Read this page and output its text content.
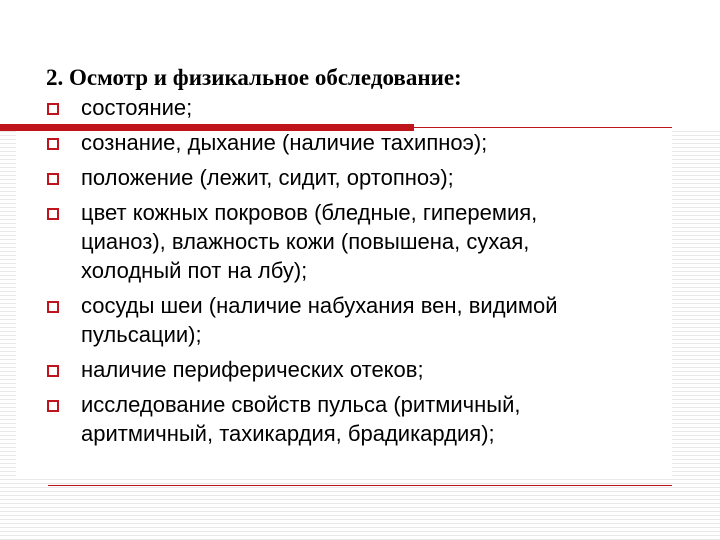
2. Осмотр и физикальное обследование:
состояние;
сознание, дыхание (наличие тахипноэ);
положение (лежит, сидит, ортопноэ);
цвет кожных покровов (бледные, гиперемия,
цианоз), влажность кожи (повышена, сухая,
холодный пот на лбу);
сосуды шеи (наличие набухания вен, видимой
пульсации);
наличие периферических отеков;
исследование свойств пульса (ритмичный,
аритмичный, тахикардия, брадикардия);
